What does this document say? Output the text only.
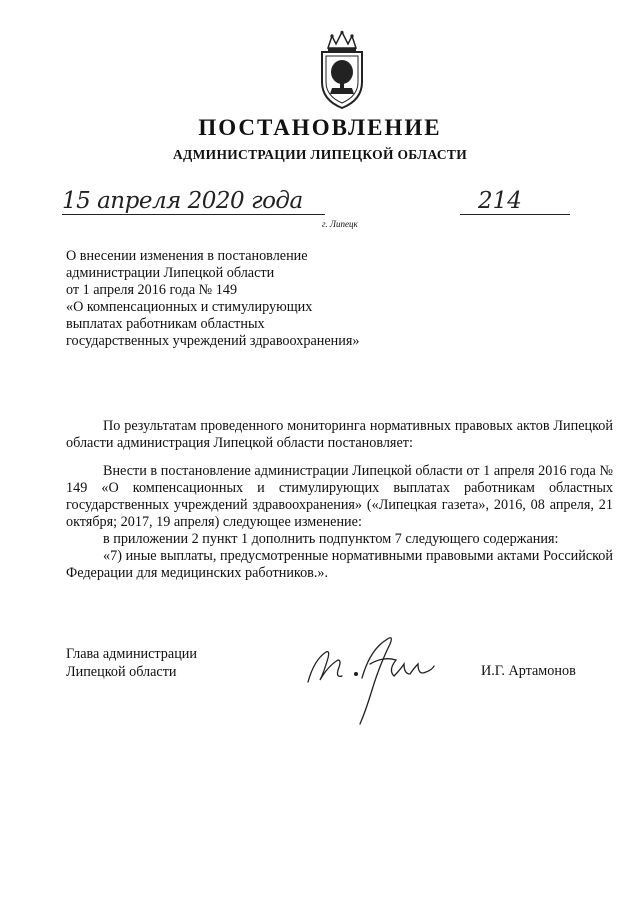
ПОСТАНОВЛЕНИЕ
АДМИНИСТРАЦИИ ЛИПЕЦКОЙ ОБЛАСТИ
15 апреля 2020 года	214
г. Липецк
О внесении изменения в постановление
администрации Липецкой области
от 1 апреля 2016 года № 149
«О компенсационных и стимулирующих
выплатах работникам областных
государственных учреждений здравоохранения»

По результатам проведенного мониторинга нормативных правовых актов Липецкой области администрация Липецкой области постановляет:

Внести в постановление администрации Липецкой области от 1 апреля 2016 года № 149 «О компенсационных и стимулирующих выплатах работникам областных государственных учреждений здравоохранения» («Липецкая газета», 2016, 08 апреля, 21 октября; 2017, 19 апреля) следующее изменение:

в приложении 2 пункт 1 дополнить подпунктом 7 следующего содержания:

«7) иные выплаты, предусмотренные нормативными правовыми актами Российской Федерации для медицинских работников.».

Глава администрации
Липецкой области	И.Г. Артамонов
